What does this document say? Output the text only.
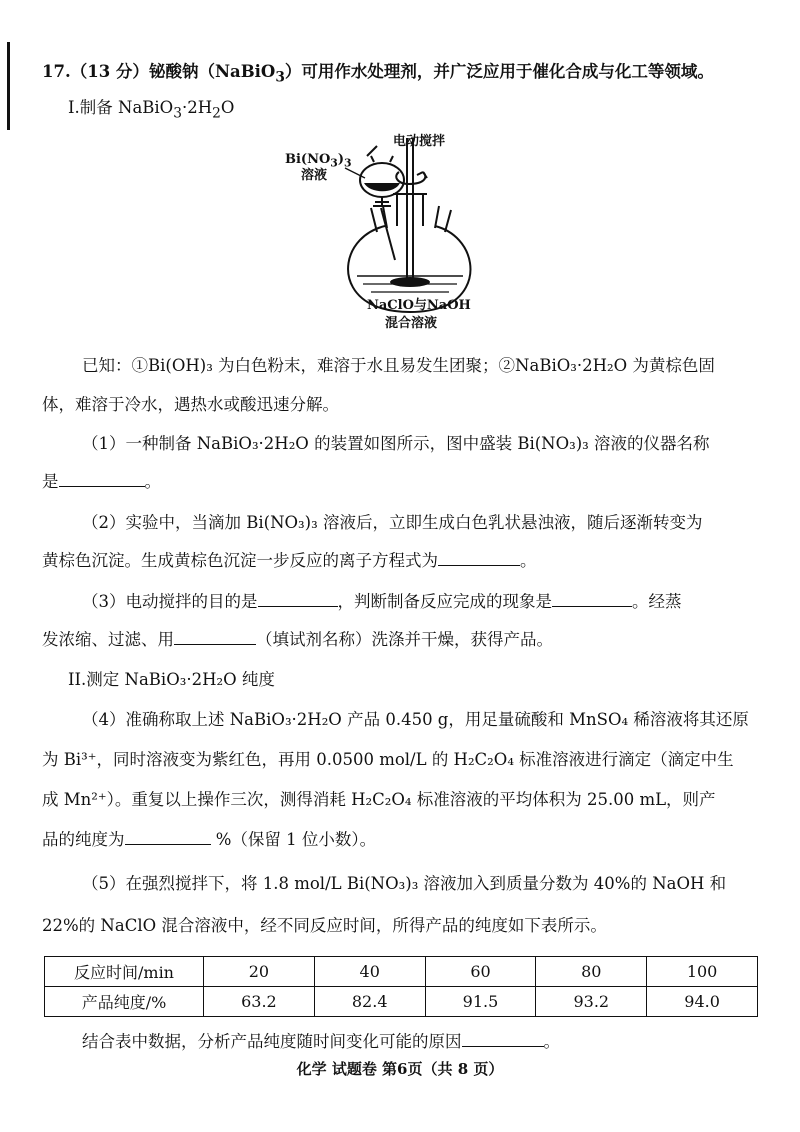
17.（13 分）铋酸钠（NaBiO$_3$）可用作水处理剂，并广泛应用于催化合成与化工等领域。
I.制备 $NaBiO_3\cdot 2H_2O$
电动搅拌
$Bi(NO_3)_3$
溶液
NaClO与NaOH
混合溶液
已知：①Bi(OH)₃ 为白色粉末，难溶于水且易发生团聚；②NaBiO₃·2H₂O 为黄棕色固
体，难溶于冷水，遇热水或酸迅速分解。
（1）一种制备 NaBiO₃·2H₂O 的装置如图所示，图中盛装 Bi(NO₃)₃ 溶液的仪器名称
是	。
（2）实验中，当滴加 Bi(NO₃)₃ 溶液后，立即生成白色乳状悬浊液，随后逐渐转变为
黄棕色沉淀。生成黄棕色沉淀一步反应的离子方程式为	。
（3）电动搅拌的目的是	，判断制备反应完成的现象是	。经蒸
发浓缩、过滤、用	（填试剂名称）洗涤并干燥，获得产品。
II.测定 NaBiO₃·2H₂O 纯度
（4）准确称取上述 NaBiO₃·2H₂O 产品 0.450 g，用足量硫酸和 MnSO₄ 稀溶液将其还原
为 Bi³⁺，同时溶液变为紫红色，再用 0.0500 mol/L 的 H₂C₂O₄ 标准溶液进行滴定（滴定中生
成 Mn²⁺）。重复以上操作三次，测得消耗 H₂C₂O₄ 标准溶液的平均体积为 25.00 mL，则产
品的纯度为	%（保留 1 位小数）。
（5）在强烈搅拌下，将 1.8 mol/L Bi(NO₃)₃ 溶液加入到质量分数为 40%的 NaOH 和
22%的 NaClO 混合溶液中，经不同反应时间，所得产品的纯度如下表所示。
反应时间/min	20	40	60	80	100
产品纯度/%	63.2	82.4	91.5	93.2	94.0
结合表中数据，分析产品纯度随时间变化可能的原因	。
化学 试题卷 第6页（共 8 页）
